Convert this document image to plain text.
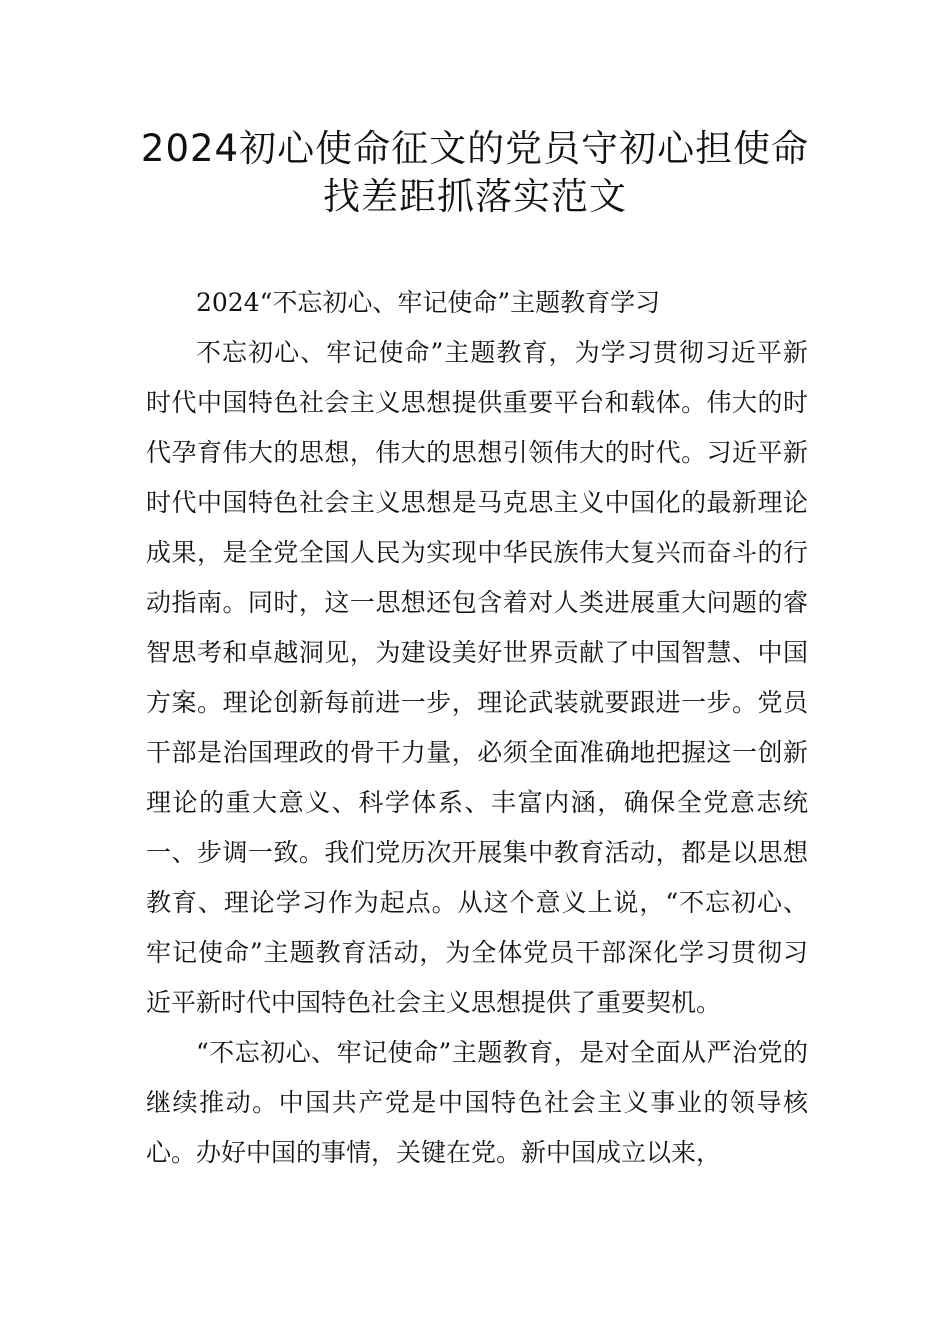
2024初心使命征文的党员守初心担使命
找差距抓落实范文

2024“不忘初心、牢记使命”主题教育学习

不忘初心、牢记使命”主题教育，为学习贯彻习近平新时代中国特色社会主义思想提供重要平台和载体。伟大的时代孕育伟大的思想，伟大的思想引领伟大的时代。习近平新时代中国特色社会主义思想是马克思主义中国化的最新理论成果，是全党全国人民为实现中华民族伟大复兴而奋斗的行动指南。同时，这一思想还包含着对人类进展重大问题的睿智思考和卓越洞见，为建设美好世界贡献了中国智慧、中国方案。理论创新每前进一步，理论武装就要跟进一步。党员干部是治国理政的骨干力量，必须全面准确地把握这一创新理论的重大意义、科学体系、丰富内涵，确保全党意志统一、步调一致。我们党历次开展集中教育活动，都是以思想教育、理论学习作为起点。从这个意义上说，“不忘初心、牢记使命”主题教育活动，为全体党员干部深化学习贯彻习近平新时代中国特色社会主义思想提供了重要契机。

“不忘初心、牢记使命”主题教育，是对全面从严治党的继续推动。中国共产党是中国特色社会主义事业的领导核心。办好中国的事情，关键在党。新中国成立以来，
